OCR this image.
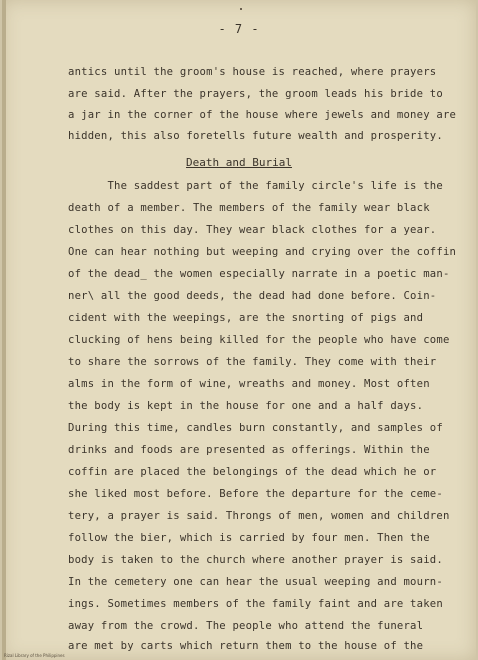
- 7 -
antics until the groom's house is reached, where prayers
are said. After the prayers, the groom leads his bride to
a jar in the corner of the house where jewels and money are
hidden, this also foretells future wealth and prosperity.
Death and Burial
The saddest part of the family circle's life is the
death of a member. The members of the family wear black
clothes on this day. They wear black clothes for a year.
One can hear nothing but weeping and crying over the coffin
of the dead_ the women especially narrate in a poetic man-
ner\ all the good deeds, the dead had done before. Coin-
cident with the weepings, are the snorting of pigs and
clucking of hens being killed for the people who have come
to share the sorrows of the family. They come with their
alms in the form of wine, wreaths and money. Most often
the body is kept in the house for one and a half days.
During this time, candles burn constantly, and samples of
drinks and foods are presented as offerings. Within the
coffin are placed the belongings of the dead which he or
she liked most before. Before the departure for the ceme-
tery, a prayer is said. Throngs of men, women and children
follow the bier, which is carried by four men. Then the
body is taken to the church where another prayer is said.
In the cemetery one can hear the usual weeping and mourn-
ings. Sometimes members of the family faint and are taken
away from the crowd. The people who attend the funeral
are met by carts which return them to the house of the
Rizal Library of the Philippines
